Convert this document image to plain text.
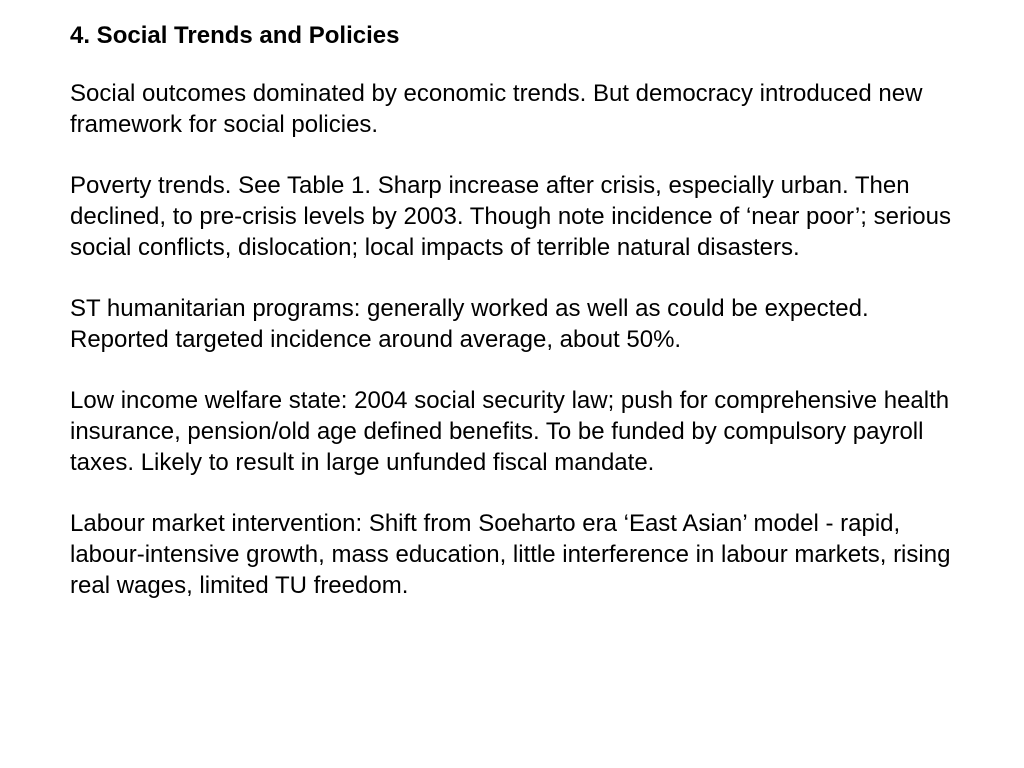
4. Social Trends and Policies

Social outcomes dominated by economic trends. But democracy introduced new framework for social policies.

Poverty trends. See Table 1. Sharp increase after crisis, especially urban. Then declined, to pre-crisis levels by 2003. Though note incidence of ‘near poor’; serious social conflicts, dislocation; local impacts of terrible natural disasters.

ST humanitarian programs: generally worked as well as could be expected. Reported targeted incidence around average, about 50%.

Low income welfare state: 2004 social security law; push for comprehensive health insurance, pension/old age defined benefits. To be funded by compulsory payroll taxes. Likely to result in large unfunded fiscal mandate.

Labour market intervention: Shift from Soeharto era ‘East Asian’ model - rapid, labour-intensive growth, mass education, little interference in labour markets, rising real wages, limited TU freedom.
